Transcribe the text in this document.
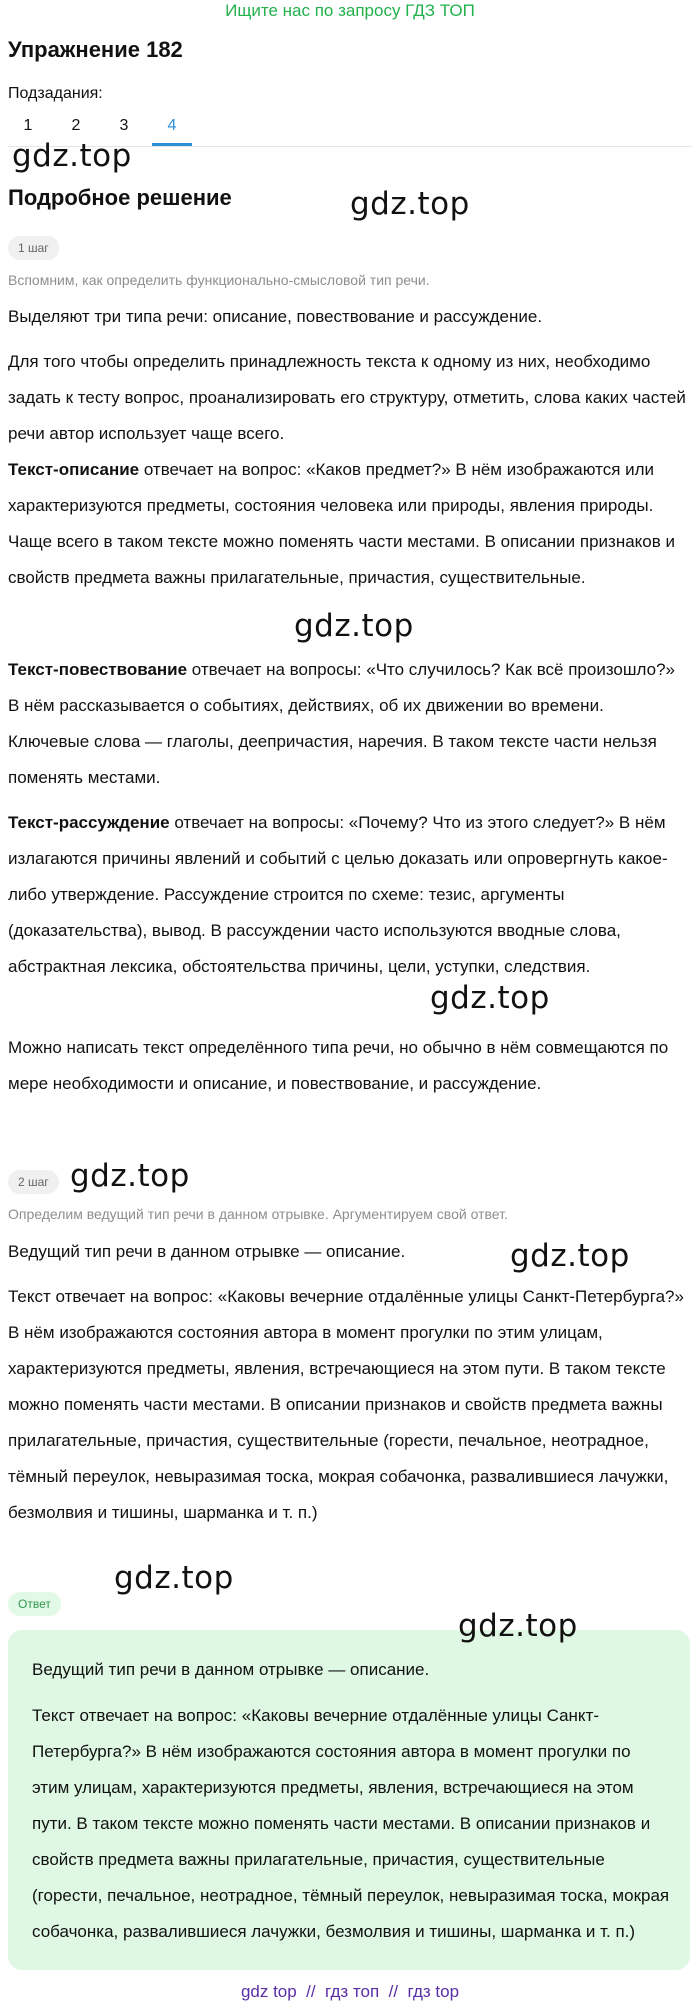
Ищите нас по запросу ГДЗ ТОП
Упражнение 182
Подзадания:
1	2	3	4
gdz.top
Подробное решение	gdz.top
1 шаг
Вспомним, как определить функционально-смысловой тип речи.

Выделяют три типа речи: описание, повествование и рассуждение.

Для того чтобы определить принадлежность текста к одному из них, необходимо задать к тесту вопрос, проанализировать его структуру, отметить, слова каких частей речи автор использует чаще всего.

Текст-описание отвечает на вопрос: «Каков предмет?» В нём изображаются или характеризуются предметы, состояния человека или природы, явления природы. Чаще всего в таком тексте можно поменять части местами. В описании признаков и свойств предмета важны прилагательные, причастия, существительные.

gdz.top

Текст-повествование отвечает на вопросы: «Что случилось? Как всё произошло?» В нём рассказывается о событиях, действиях, об их движении во времени. Ключевые слова — глаголы, деепричастия, наречия. В таком тексте части нельзя поменять местами.

Текст-рассуждение отвечает на вопросы: «Почему? Что из этого следует?» В нём излагаются причины явлений и событий с целью доказать или опровергнуть какое-либо утверждение. Рассуждение строится по схеме: тезис, аргументы (доказательства), вывод. В рассуждении часто используются вводные слова, абстрактная лексика, обстоятельства причины, цели, уступки, следствия.

gdz.top

Можно написать текст определённого типа речи, но обычно в нём совмещаются по мере необходимости и описание, и повествование, и рассуждение.

2 шаг gdz.top
Определим ведущий тип речи в данном отрывке. Аргументируем свой ответ.

Ведущий тип речи в данном отрывке — описание.	gdz.top

Текст отвечает на вопрос: «Каковы вечерние отдалённые улицы Санкт-Петербурга?» В нём изображаются состояния автора в момент прогулки по этим улицам, характеризуются предметы, явления, встречающиеся на этом пути. В таком тексте можно поменять части местами. В описании признаков и свойств предмета важны прилагательные, причастия, существительные (горести, печальное, неотрадное, тёмный переулок, невыразимая тоска, мокрая собачонка, развалившиеся лачужки, безмолвия и тишины, шарманка и т. п.)

gdz.top
Ответ

Ведущий тип речи в данном отрывке — описание.

Текст отвечает на вопрос: «Каковы вечерние отдалённые улицы Санкт-Петербурга?» В нём изображаются состояния автора в момент прогулки по этим улицам, характеризуются предметы, явления, встречающиеся на этом пути. В таком тексте можно поменять части местами. В описании признаков и свойств предмета важны прилагательные, причастия, существительные (горести, печальное, неотрадное, тёмный переулок, невыразимая тоска, мокрая собачонка, развалившиеся лачужки, безмолвия и тишины, шарманка и т. п.)

gdz.top
gdz top  //  гдз топ  //  гдз top
